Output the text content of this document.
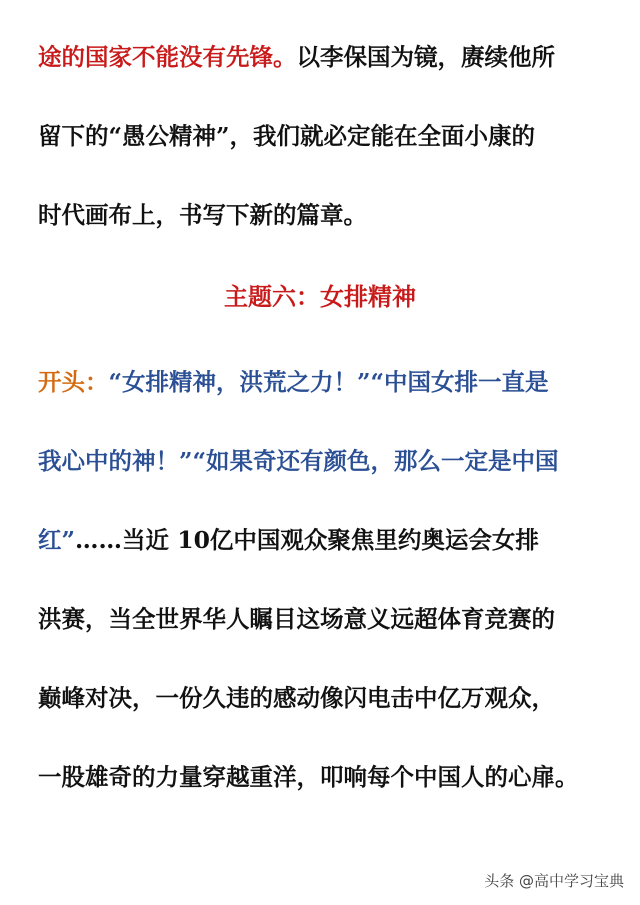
途的国家不能没有先锋。以李保国为镜，赓续他所
留下的“愚公精神”，我们就必定能在全面小康的
时代画布上，书写下新的篇章。
主题六：女排精神
开头：“女排精神，洪荒之力！”“中国女排一直是
我心中的神！”“如果奇还有颜色，那么一定是中国
红”……当近 10亿中国观众聚焦里约奥运会女排
洪赛，当全世界华人瞩目这场意义远超体育竞赛的
巅峰对决，一份久违的感动像闪电击中亿万观众，
一股雄奇的力量穿越重洋，叩响每个中国人的心扉。
头条 @高中学习宝典
